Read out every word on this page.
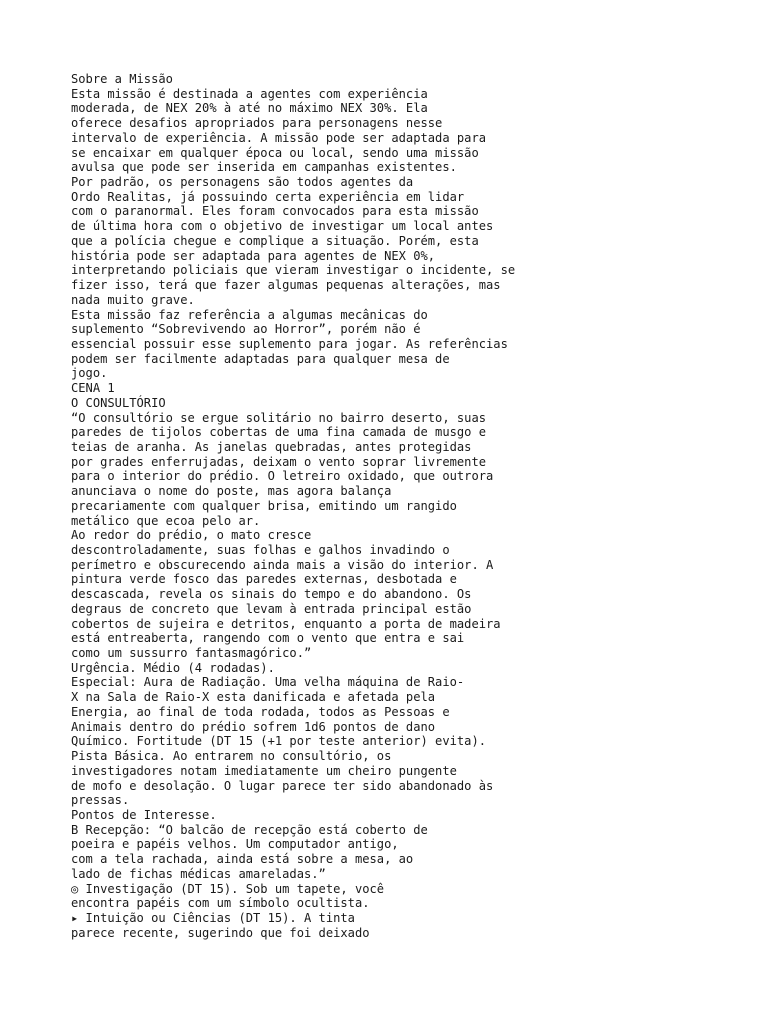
Sobre a Missão
Esta missão é destinada a agentes com experiência
moderada, de NEX 20% à até no máximo NEX 30%. Ela
oferece desafios apropriados para personagens nesse
intervalo de experiência. A missão pode ser adaptada para
se encaixar em qualquer época ou local, sendo uma missão
avulsa que pode ser inserida em campanhas existentes.
Por padrão, os personagens são todos agentes da
Ordo Realitas, já possuindo certa experiência em lidar
com o paranormal. Eles foram convocados para esta missão
de última hora com o objetivo de investigar um local antes
que a polícia chegue e complique a situação. Porém, esta
história pode ser adaptada para agentes de NEX 0%,
interpretando policiais que vieram investigar o incidente, se
fizer isso, terá que fazer algumas pequenas alterações, mas
nada muito grave.
Esta missão faz referência a algumas mecânicas do
suplemento “Sobrevivendo ao Horror”, porém não é
essencial possuir esse suplemento para jogar. As referências
podem ser facilmente adaptadas para qualquer mesa de
jogo.
CENA 1
O CONSULTÓRIO
“O consultório se ergue solitário no bairro deserto, suas
paredes de tijolos cobertas de uma fina camada de musgo e
teias de aranha. As janelas quebradas, antes protegidas
por grades enferrujadas, deixam o vento soprar livremente
para o interior do prédio. O letreiro oxidado, que outrora
anunciava o nome do poste, mas agora balança
precariamente com qualquer brisa, emitindo um rangido
metálico que ecoa pelo ar.
Ao redor do prédio, o mato cresce
descontroladamente, suas folhas e galhos invadindo o
perímetro e obscurecendo ainda mais a visão do interior. A
pintura verde fosco das paredes externas, desbotada e
descascada, revela os sinais do tempo e do abandono. Os
degraus de concreto que levam à entrada principal estão
cobertos de sujeira e detritos, enquanto a porta de madeira
está entreaberta, rangendo com o vento que entra e sai
como um sussurro fantasmagórico.”
Urgência. Médio (4 rodadas).
Especial: Aura de Radiação. Uma velha máquina de Raio-
X na Sala de Raio-X esta danificada e afetada pela
Energia, ao final de toda rodada, todos as Pessoas e
Animais dentro do prédio sofrem 1d6 pontos de dano
Químico. Fortitude (DT 15 (+1 por teste anterior) evita).
Pista Básica. Ao entrarem no consultório, os
investigadores notam imediatamente um cheiro pungente
de mofo e desolação. O lugar parece ter sido abandonado às
pressas.
Pontos de Interesse.
B Recepção: “O balcão de recepção está coberto de
poeira e papéis velhos. Um computador antigo,
com a tela rachada, ainda está sobre a mesa, ao
lado de fichas médicas amareladas.”
◎ Investigação (DT 15). Sob um tapete, você
encontra papéis com um símbolo ocultista.
▸ Intuição ou Ciências (DT 15). A tinta
parece recente, sugerindo que foi deixado
